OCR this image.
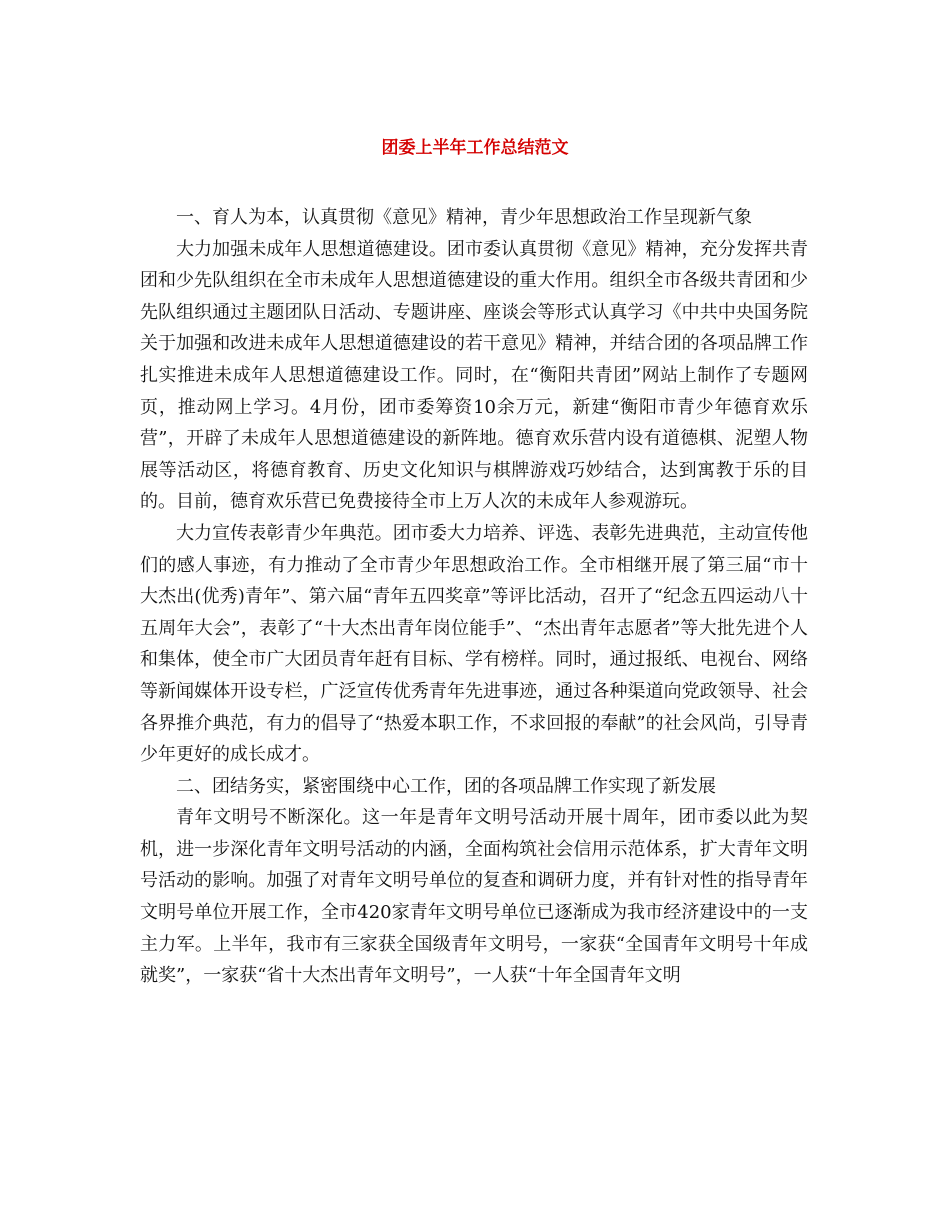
团委上半年工作总结范文

一、育人为本，认真贯彻《意见》精神，青少年思想政治工作呈现新气象

大力加强未成年人思想道德建设。团市委认真贯彻《意见》精神，充分发挥共青团和少先队组织在全市未成年人思想道德建设的重大作用。组织全市各级共青团和少先队组织通过主题团队日活动、专题讲座、座谈会等形式认真学习《中共中央国务院关于加强和改进未成年人思想道德建设的若干意见》精神，并结合团的各项品牌工作扎实推进未成年人思想道德建设工作。同时，在“衡阳共青团”网站上制作了专题网页，推动网上学习。4月份，团市委筹资10余万元，新建“衡阳市青少年德育欢乐营”，开辟了未成年人思想道德建设的新阵地。德育欢乐营内设有道德棋、泥塑人物展等活动区，将德育教育、历史文化知识与棋牌游戏巧妙结合，达到寓教于乐的目的。目前，德育欢乐营已免费接待全市上万人次的未成年人参观游玩。

大力宣传表彰青少年典范。团市委大力培养、评选、表彰先进典范，主动宣传他们的感人事迹，有力推动了全市青少年思想政治工作。全市相继开展了第三届“市十大杰出(优秀)青年”、第六届“青年五四奖章”等评比活动，召开了“纪念五四运动八十五周年大会”，表彰了“十大杰出青年岗位能手”、“杰出青年志愿者”等大批先进个人和集体，使全市广大团员青年赶有目标、学有榜样。同时，通过报纸、电视台、网络等新闻媒体开设专栏，广泛宣传优秀青年先进事迹，通过各种渠道向党政领导、社会各界推介典范，有力的倡导了“热爱本职工作，不求回报的奉献”的社会风尚，引导青少年更好的成长成才。

二、团结务实，紧密围绕中心工作，团的各项品牌工作实现了新发展

青年文明号不断深化。这一年是青年文明号活动开展十周年，团市委以此为契机，进一步深化青年文明号活动的内涵，全面构筑社会信用示范体系，扩大青年文明号活动的影响。加强了对青年文明号单位的复查和调研力度，并有针对性的指导青年文明号单位开展工作，全市420家青年文明号单位已逐渐成为我市经济建设中的一支主力军。上半年，我市有三家获全国级青年文明号，一家获“全国青年文明号十年成就奖”，一家获“省十大杰出青年文明号”，一人获“十年全国青年文明
